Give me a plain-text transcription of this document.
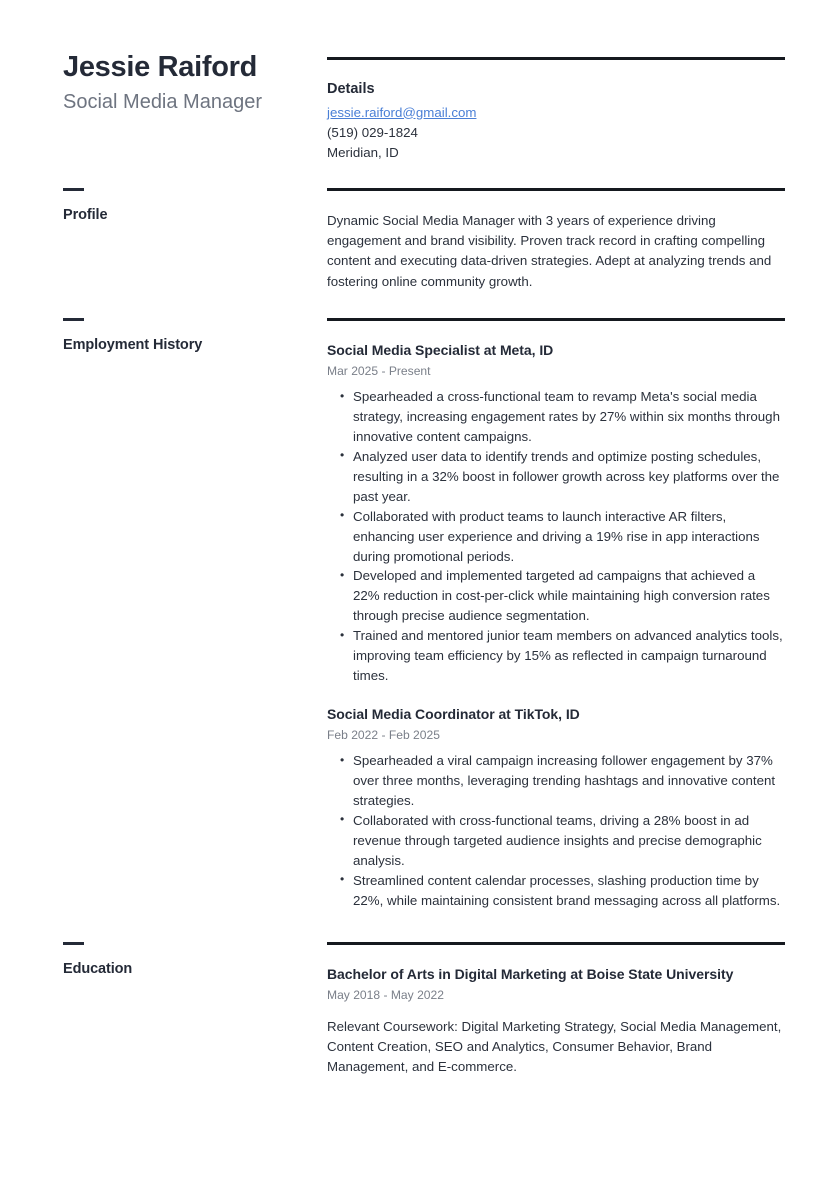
Jessie Raiford
Social Media Manager
Details
jessie.raiford@gmail.com
(519) 029-1824
Meridian, ID
Profile	Dynamic Social Media Manager with 3 years of experience driving engagement and brand visibility. Proven track record in crafting compelling content and executing data-driven strategies. Adept at analyzing trends and fostering online community growth.

Employment History	Social Media Specialist at Meta, ID
Mar 2025 - Present
• Spearheaded a cross-functional team to revamp Meta's social media strategy, increasing engagement rates by 27% within six months through innovative content campaigns.
• Analyzed user data to identify trends and optimize posting schedules, resulting in a 32% boost in follower growth across key platforms over the past year.
• Collaborated with product teams to launch interactive AR filters, enhancing user experience and driving a 19% rise in app interactions during promotional periods.
• Developed and implemented targeted ad campaigns that achieved a 22% reduction in cost-per-click while maintaining high conversion rates through precise audience segmentation.
• Trained and mentored junior team members on advanced analytics tools, improving team efficiency by 15% as reflected in campaign turnaround times.
Social Media Coordinator at TikTok, ID
Feb 2022 - Feb 2025
• Spearheaded a viral campaign increasing follower engagement by 37% over three months, leveraging trending hashtags and innovative content strategies.
• Collaborated with cross-functional teams, driving a 28% boost in ad revenue through targeted audience insights and precise demographic analysis.
• Streamlined content calendar processes, slashing production time by 22%, while maintaining consistent brand messaging across all platforms.
Education	Bachelor of Arts in Digital Marketing at Boise State University
May 2018 - May 2022

Relevant Coursework: Digital Marketing Strategy, Social Media Management, Content Creation, SEO and Analytics, Consumer Behavior, Brand Management, and E-commerce.
